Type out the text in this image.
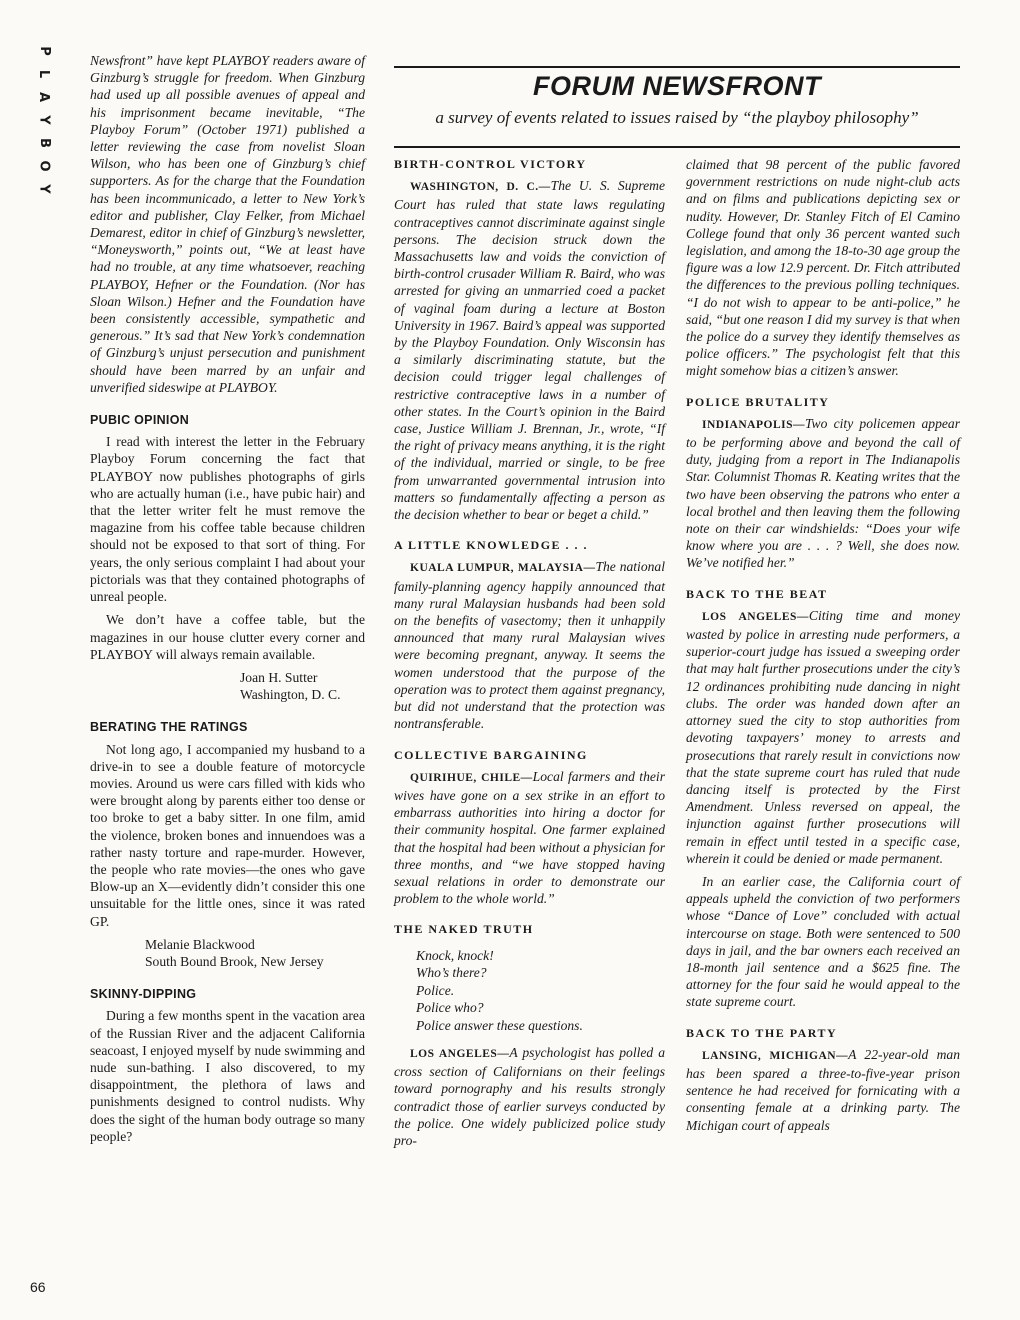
P
L
A
Y
B
O
Y
66

Newsfront” have kept PLAYBOY readers aware of Ginzburg’s struggle for freedom. When Ginzburg had used up all possible avenues of appeal and his imprisonment became inevitable, “The Playboy Forum” (October 1971) published a letter reviewing the case from novelist Sloan Wilson, who has been one of Ginzburg’s chief supporters. As for the charge that the Foundation has been incommunicado, a letter to New York’s editor and publisher, Clay Felker, from Michael Demarest, editor in chief of Ginzburg’s newsletter, “Moneysworth,” points out, “We at least have had no trouble, at any time whatsoever, reaching PLAYBOY, Hefner or the Foundation. (Nor has Sloan Wilson.) Hefner and the Foundation have been consistently accessible, sympathetic and generous.” It’s sad that New York’s condemnation of Ginzburg’s unjust persecution and punishment should have been marred by an unfair and unverified sideswipe at PLAYBOY.

PUBIC OPINION

I read with interest the letter in the February Playboy Forum concerning the fact that PLAYBOY now publishes photographs of girls who are actually human (i.e., have pubic hair) and that the letter writer felt he must remove the magazine from his coffee table because children should not be exposed to that sort of thing. For years, the only serious complaint I had about your pictorials was that they contained photographs of unreal people.

We don’t have a coffee table, but the magazines in our house clutter every corner and PLAYBOY will always remain available.

Joan H. Sutter

Washington, D. C.

BERATING THE RATINGS

Not long ago, I accompanied my husband to a drive-in to see a double feature of motorcycle movies. Around us were cars filled with kids who were brought along by parents either too dense or too broke to get a baby sitter. In one film, amid the violence, broken bones and innuendoes was a rather nasty torture and rape-murder. However, the people who rate movies—the ones who gave Blow-up an X—evidently didn’t consider this one unsuitable for the little ones, since it was rated GP.

Melanie Blackwood

South Bound Brook, New Jersey

SKINNY-DIPPING

During a few months spent in the vacation area of the Russian River and the adjacent California seacoast, I enjoyed myself by nude swimming and nude sun-bathing. I also discovered, to my disappointment, the plethora of laws and punishments designed to control nudists. Why does the sight of the human body outrage so many people?

FORUM NEWSFRONT

a survey of events related to issues raised by “the playboy philosophy”

BIRTH-CONTROL VICTORY

WASHINGTON, D. C.—The U. S. Supreme Court has ruled that state laws regulating contraceptives cannot discriminate against single persons. The decision struck down the Massachusetts law and voids the conviction of birth-control crusader William R. Baird, who was arrested for giving an unmarried coed a packet of vaginal foam during a lecture at Boston University in 1967. Baird’s appeal was supported by the Playboy Foundation. Only Wisconsin has a similarly discriminating statute, but the decision could trigger legal challenges of restrictive contraceptive laws in a number of other states. In the Court’s opinion in the Baird case, Justice William J. Brennan, Jr., wrote, “If the right of privacy means anything, it is the right of the individual, married or single, to be free from unwarranted governmental intrusion into matters so fundamentally affecting a person as the decision whether to bear or beget a child.”

A LITTLE KNOWLEDGE . . .

KUALA LUMPUR, MALAYSIA—The national family-planning agency happily announced that many rural Malaysian husbands had been sold on the benefits of vasectomy; then it unhappily announced that many rural Malaysian wives were becoming pregnant, anyway. It seems the women understood that the purpose of the operation was to protect them against pregnancy, but did not understand that the protection was nontransferable.

COLLECTIVE BARGAINING

QUIRIHUE, CHILE—Local farmers and their wives have gone on a sex strike in an effort to embarrass authorities into hiring a doctor for their community hospital. One farmer explained that the hospital had been without a physician for three months, and “we have stopped having sexual relations in order to demonstrate our problem to the whole world.”

THE NAKED TRUTH
Knock, knock!
Who’s there?
Police.
Police who?
Police answer these questions.

LOS ANGELES—A psychologist has polled a cross section of Californians on their feelings toward pornography and his results strongly contradict those of earlier surveys conducted by the police. One widely publicized police study pro-

claimed that 98 percent of the public favored government restrictions on nude night-club acts and on films and publications depicting sex or nudity. However, Dr. Stanley Fitch of El Camino College found that only 36 percent wanted such legislation, and among the 18-to-30 age group the figure was a low 12.9 percent. Dr. Fitch attributed the differences to the previous polling techniques. “I do not wish to appear to be anti-police,” he said, “but one reason I did my survey is that when the police do a survey they identify themselves as police officers.” The psychologist felt that this might somehow bias a citizen’s answer.

POLICE BRUTALITY

INDIANAPOLIS—Two city policemen appear to be performing above and beyond the call of duty, judging from a report in The Indianapolis Star. Columnist Thomas R. Keating writes that the two have been observing the patrons who enter a local brothel and then leaving them the following note on their car windshields: “Does your wife know where you are . . . ? Well, she does now. We’ve notified her.”

BACK TO THE BEAT

LOS ANGELES—Citing time and money wasted by police in arresting nude performers, a superior-court judge has issued a sweeping order that may halt further prosecutions under the city’s 12 ordinances prohibiting nude dancing in night clubs. The order was handed down after an attorney sued the city to stop authorities from devoting taxpayers’ money to arrests and prosecutions that rarely result in convictions now that the state supreme court has ruled that nude dancing itself is protected by the First Amendment. Unless reversed on appeal, the injunction against further prosecutions will remain in effect until tested in a specific case, wherein it could be denied or made permanent.

In an earlier case, the California court of appeals upheld the conviction of two performers whose “Dance of Love” concluded with actual intercourse on stage. Both were sentenced to 500 days in jail, and the bar owners each received an 18-month jail sentence and a $625 fine. The attorney for the four said he would appeal to the state supreme court.

BACK TO THE PARTY

LANSING, MICHIGAN—A 22-year-old man has been spared a three-to-five-year prison sentence he had received for fornicating with a consenting female at a drinking party. The Michigan court of appeals
